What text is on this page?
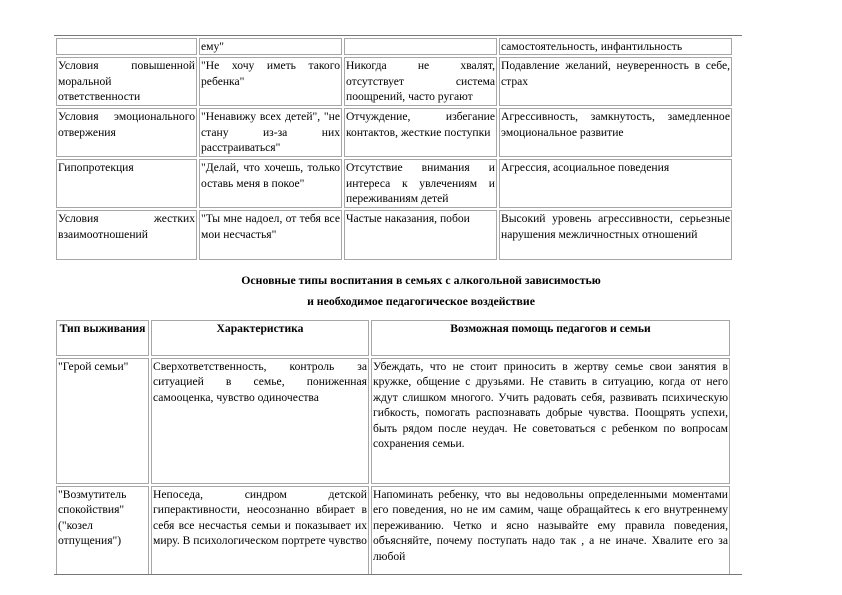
	ему"		самостоятельность, инфантильность
Условия повышенной моральной ответственности	"Не хочу иметь такого ребенка"	Никогда не хвалят, отсутствует система поощрений, часто ругают	Подавление желаний, неуверенность в себе, страх
Условия эмоционального отвержения	"Ненавижу всех детей", "не стану из-за них расстраиваться"	Отчуждение, избегание контактов, жесткие поступки	Агрессивность, замкнутость, замедленное эмоциональное развитие
Гипопротекция	"Делай, что хочешь, только оставь меня в покое"	Отсутствие внимания и интереса к увлечениям и переживаниям детей	Агрессия, асоциальное поведения
Условия жестких взаимоотношений	"Ты мне надоел, от тебя все мои несчастья"	Частые наказания, побои	Высокий уровень агрессивности, серьезные нарушения межличностных отношений
Основные типы воспитания в семьях с алкогольной зависимостью
и необходимое педагогическое воздействие
Тип выживания	Характеристика	Возможная помощь педагогов и семьи
"Герой семьи"	Сверхответственность, контроль за ситуацией в семье, пониженная самооценка, чувство одиночества	Убеждать, что не стоит приносить в жертву семье свои занятия в кружке, общение с друзьями. Не ставить в ситуацию, когда от него ждут слишком многого. Учить радовать себя, развивать психическую гибкость, помогать распознавать добрые чувства. Поощрять успехи, быть рядом после неудач. Не советоваться с ребенком по вопросам сохранения семьи.
"Возмутитель спокойствия" ("козел отпущения")	Непоседа, синдром детской гиперактивности, неосознанно вбирает в себя все несчастья семьи и показывает их миру. В психологическом портрете чувство	Напоминать ребенку, что вы недовольны определенными моментами его поведения, но не им самим, чаще обращайтесь к его внутреннему переживанию. Четко и ясно называйте ему правила поведения, объясняйте, почему поступать надо так , а не иначе. Хвалите его за любой
